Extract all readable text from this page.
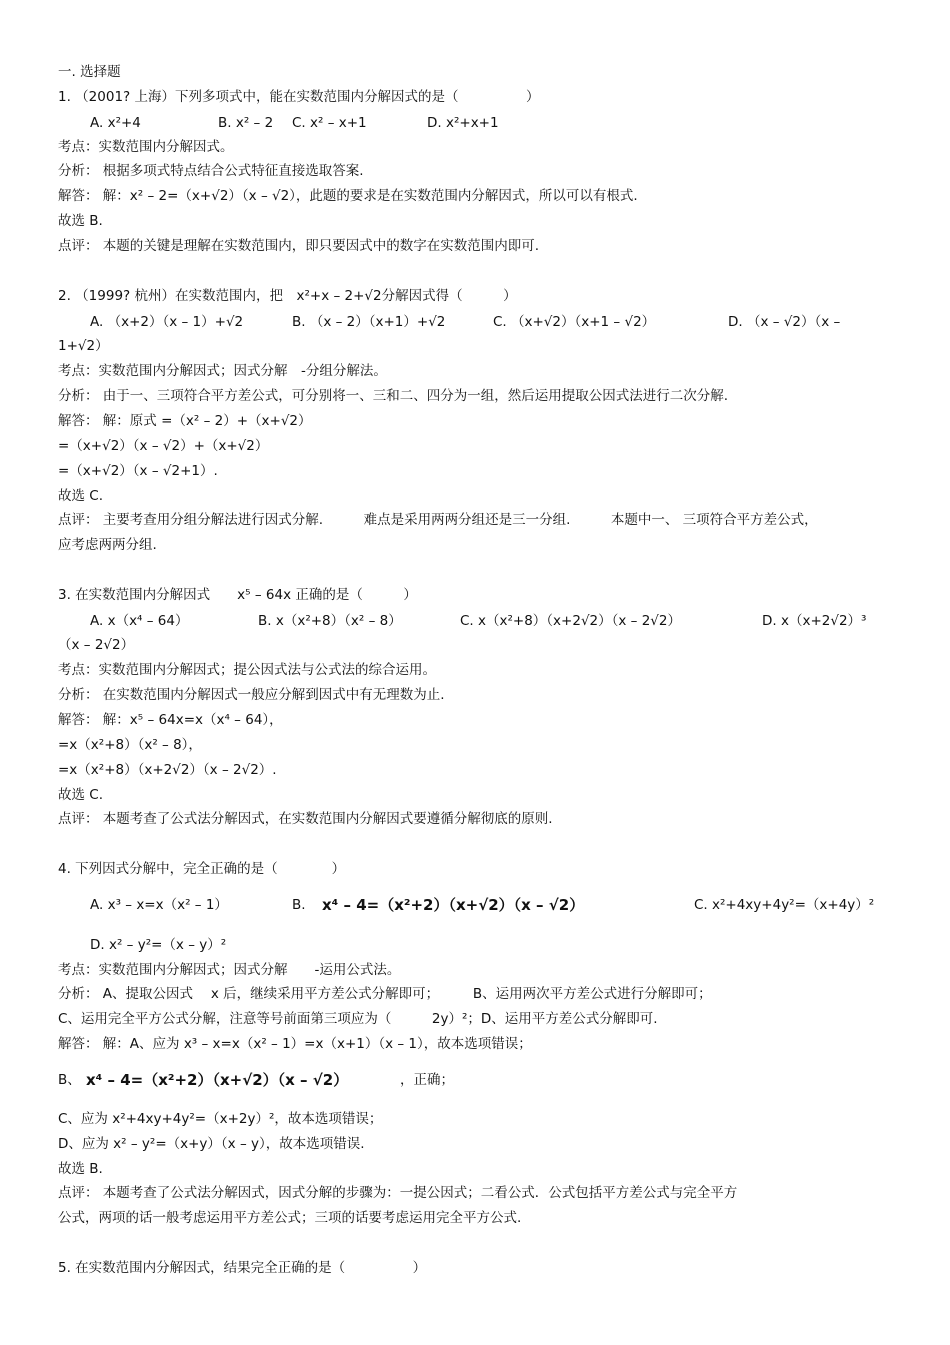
一. 选择题
1. （2001? 上海）下列多项式中，能在实数范围内分解因式的是（　　　　　）
A. x²+4	B. x² – 2 C. x² – x+1	D. x²+x+1
考点：实数范围内分解因式。
分析： 根据多项式特点结合公式特征直接选取答案.
解答： 解：x² – 2=（x+√2）（x – √2），此题的要求是在实数范围内分解因式，所以可以有根式.
故选 B.
点评： 本题的关键是理解在实数范围内，即只要因式中的数字在实数范围内即可.
2. （1999? 杭州）在实数范围内，把　x²+x – 2+√2分解因式得（　　　）
A. （x+2）（x – 1）+√2	B. （x – 2）（x+1）+√2	C. （x+√2）（x+1 – √2）	D. （x – √2）（x –
1+√2）
考点：实数范围内分解因式；因式分解　-分组分解法。
分析： 由于一、三项符合平方差公式，可分别将一、三和二、四分为一组，然后运用提取公因式法进行二次分解.
解答： 解：原式 =（x² – 2）+（x+√2）
=（x+√2）（x – √2）+（x+√2）
=（x+√2）（x – √2+1）.
故选 C.
点评： 主要考查用分组分解法进行因式分解.　　　难点是采用两两分组还是三一分组.　　　本题中一、 三项符合平方差公式，
应考虑两两分组.
3. 在实数范围内分解因式　　x⁵ – 64x 正确的是（　　　）
A. x（x⁴ – 64）	B. x（x²+8）（x² – 8）	C. x（x²+8）（x+2√2）（x – 2√2）	D. x（x+2√2）³
（x – 2√2）
考点：实数范围内分解因式；提公因式法与公式法的综合运用。
分析： 在实数范围内分解因式一般应分解到因式中有无理数为止.
解答： 解：x⁵ – 64x=x（x⁴ – 64），
=x（x²+8）（x² – 8），
=x（x²+8）（x+2√2）（x – 2√2）.
故选 C.
点评： 本题考查了公式法分解因式，在实数范围内分解因式要遵循分解彻底的原则.
4. 下列因式分解中，完全正确的是（　　　　）
A. x³ – x=x（x² – 1）	B. x⁴ – 4=（x²+2）（x+√2）（x – √2）	C. x²+4xy+4y²=（x+4y）²
D. x² – y²=（x – y）²
考点：实数范围内分解因式；因式分解　　-运用公式法。
分析： A、提取公因式　 x 后，继续采用平方差公式分解即可；　　　B、运用两次平方差公式进行分解即可；
C、运用完全平方公式分解，注意等号前面第三项应为（　　　2y）²；D、运用平方差公式分解即可.
解答： 解：A、应为 x³ – x=x（x² – 1）=x（x+1）（x – 1），故本选项错误；
B、 x⁴ – 4=（x²+2）（x+√2）（x – √2）	，正确；
C、应为 x²+4xy+4y²=（x+2y）²，故本选项错误；
D、应为 x² – y²=（x+y）（x – y），故本选项错误.
故选 B.
点评： 本题考查了公式法分解因式，因式分解的步骤为：一提公因式；二看公式．公式包括平方差公式与完全平方
公式，两项的话一般考虑运用平方差公式；三项的话要考虑运用完全平方公式.
5. 在实数范围内分解因式，结果完全正确的是（　　　　　）
